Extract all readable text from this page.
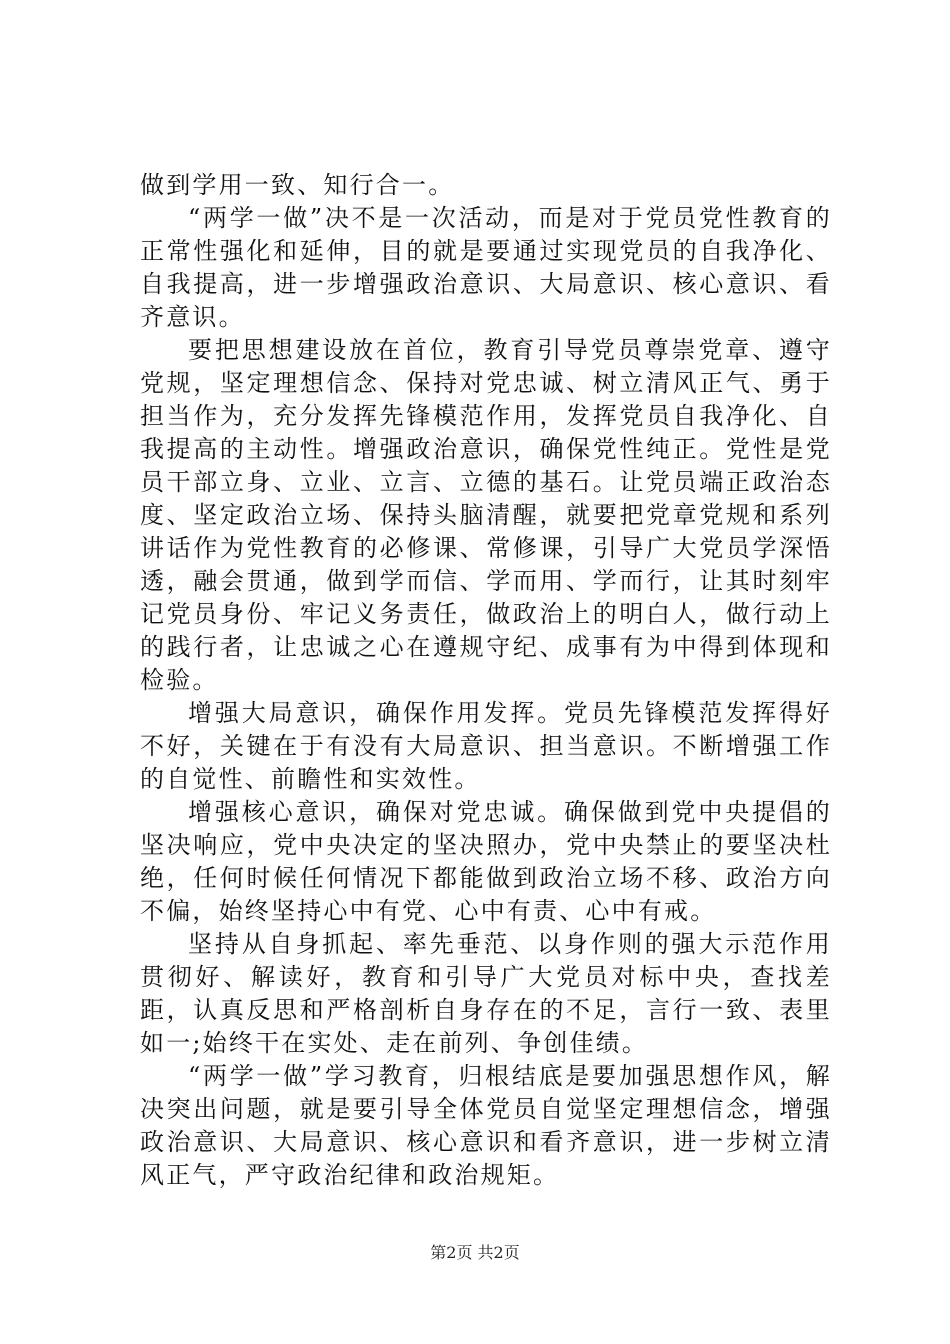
做到学用一致、知行合一。

“两学一做”决不是一次活动，而是对于党员党性教育的正常性强化和延伸，目的就是要通过实现党员的自我净化、自我提高，进一步增强政治意识、大局意识、核心意识、看齐意识。

要把思想建设放在首位，教育引导党员尊崇党章、遵守党规，坚定理想信念、保持对党忠诚、树立清风正气、勇于担当作为，充分发挥先锋模范作用，发挥党员自我净化、自我提高的主动性。增强政治意识，确保党性纯正。党性是党员干部立身、立业、立言、立德的基石。让党员端正政治态度、坚定政治立场、保持头脑清醒，就要把党章党规和系列讲话作为党性教育的必修课、常修课，引导广大党员学深悟透，融会贯通，做到学而信、学而用、学而行，让其时刻牢记党员身份、牢记义务责任，做政治上的明白人，做行动上的践行者，让忠诚之心在遵规守纪、成事有为中得到体现和检验。

增强大局意识，确保作用发挥。党员先锋模范发挥得好不好，关键在于有没有大局意识、担当意识。不断增强工作的自觉性、前瞻性和实效性。

增强核心意识，确保对党忠诚。确保做到党中央提倡的坚决响应，党中央决定的坚决照办，党中央禁止的要坚决杜绝，任何时候任何情况下都能做到政治立场不移、政治方向不偏，始终坚持心中有党、心中有责、心中有戒。

坚持从自身抓起、率先垂范、以身作则的强大示范作用贯彻好、解读好，教育和引导广大党员对标中央，查找差距，认真反思和严格剖析自身存在的不足，言行一致、表里如一;始终干在实处、走在前列、争创佳绩。

“两学一做”学习教育，归根结底是要加强思想作风，解决突出问题，就是要引导全体党员自觉坚定理想信念，增强政治意识、大局意识、核心意识和看齐意识，进一步树立清风正气，严守政治纪律和政治规矩。

第2页 共2页
